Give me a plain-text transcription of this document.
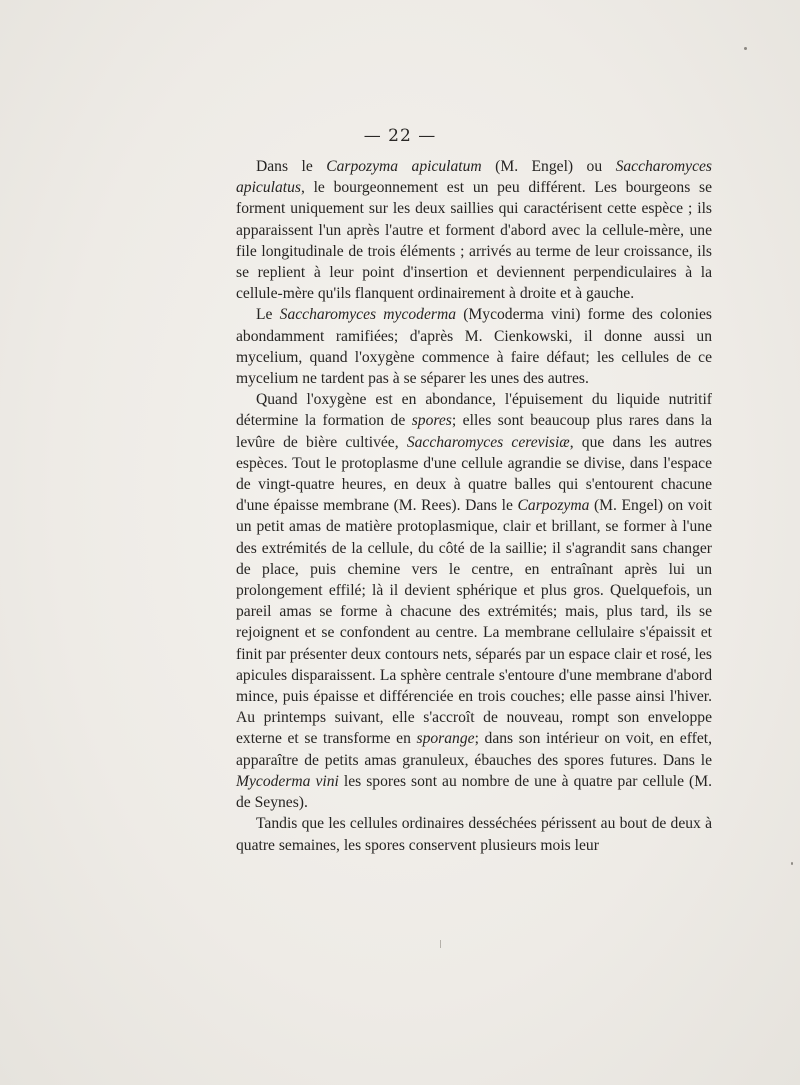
— 22 —

Dans le Carpozyma apiculatum (M. Engel) ou Saccharomyces apiculatus, le bourgeonnement est un peu différent. Les bourgeons se forment uniquement sur les deux saillies qui caractérisent cette espèce ; ils apparaissent l'un après l'autre et forment d'abord avec la cellule-mère, une file longitudinale de trois éléments ; arrivés au terme de leur croissance, ils se replient à leur point d'insertion et deviennent perpendiculaires à la cellule-mère qu'ils flanquent ordinairement à droite et à gauche.

Le Saccharomyces mycoderma (Mycoderma vini) forme des colonies abondamment ramifiées; d'après M. Cienkowski, il donne aussi un mycelium, quand l'oxygène commence à faire défaut; les cellules de ce mycelium ne tardent pas à se séparer les unes des autres.

Quand l'oxygène est en abondance, l'épuisement du liquide nutritif détermine la formation de spores; elles sont beaucoup plus rares dans la levûre de bière cultivée, Saccharomyces cerevisiæ, que dans les autres espèces. Tout le protoplasme d'une cellule agrandie se divise, dans l'espace de vingt-quatre heures, en deux à quatre balles qui s'entourent chacune d'une épaisse membrane (M. Rees). Dans le Carpozyma (M. Engel) on voit un petit amas de matière protoplasmique, clair et brillant, se former à l'une des extrémités de la cellule, du côté de la saillie; il s'agrandit sans changer de place, puis chemine vers le centre, en entraînant après lui un prolongement effilé; là il devient sphérique et plus gros. Quelquefois, un pareil amas se forme à chacune des extrémités; mais, plus tard, ils se rejoignent et se confondent au centre. La membrane cellulaire s'épaissit et finit par présenter deux contours nets, séparés par un espace clair et rosé, les apicules disparaissent. La sphère centrale s'entoure d'une membrane d'abord mince, puis épaisse et différenciée en trois couches; elle passe ainsi l'hiver. Au printemps suivant, elle s'accroît de nouveau, rompt son enveloppe externe et se transforme en sporange; dans son intérieur on voit, en effet, apparaître de petits amas granuleux, ébauches des spores futures. Dans le Mycoderma vini les spores sont au nombre de une à quatre par cellule (M. de Seynes).

Tandis que les cellules ordinaires desséchées périssent au bout de deux à quatre semaines, les spores conservent plusieurs mois leur
